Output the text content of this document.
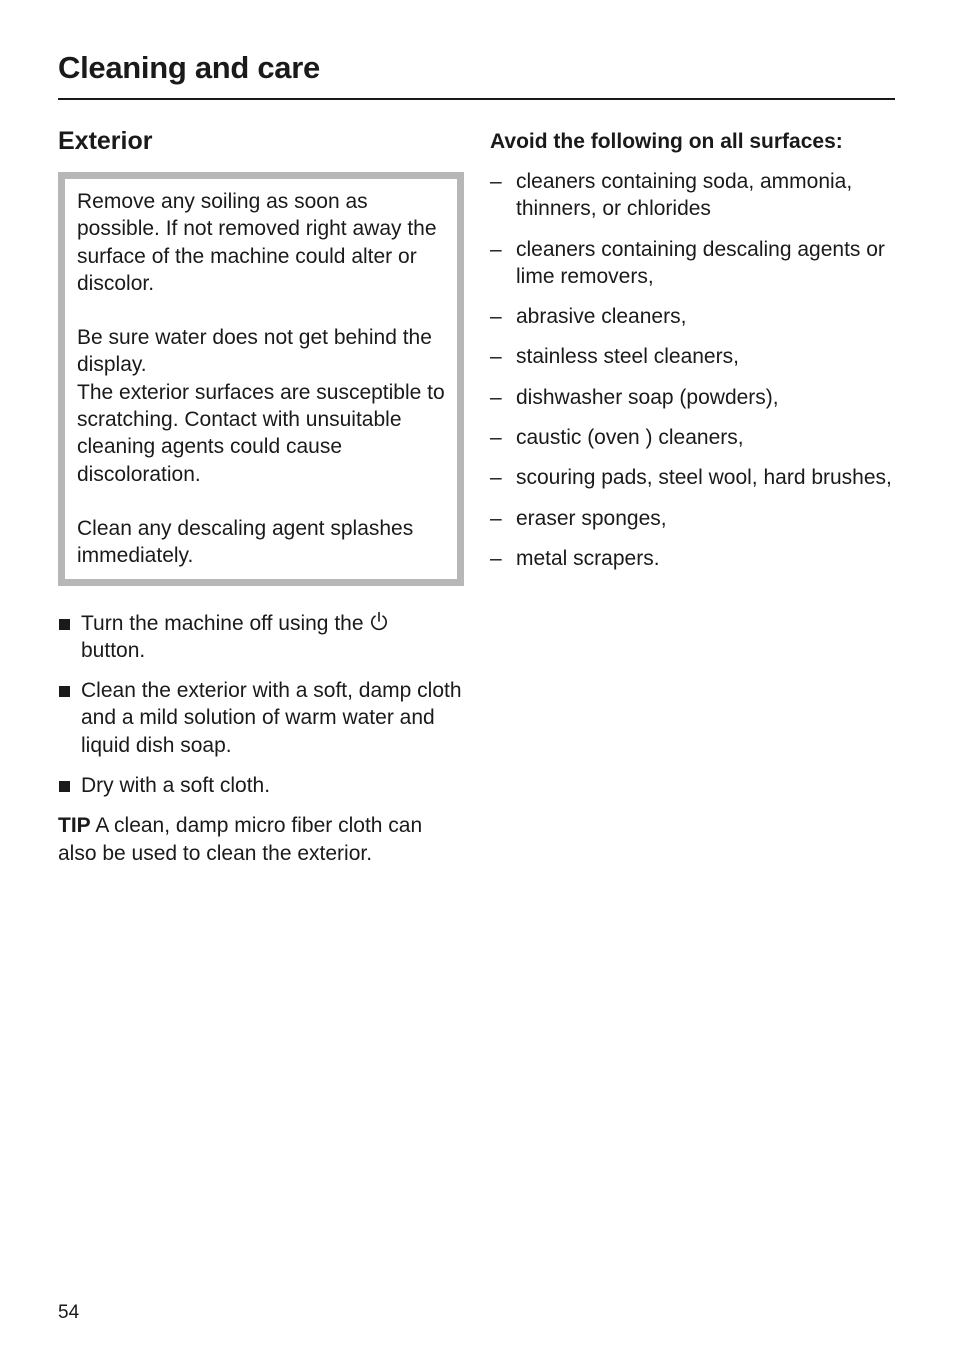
Cleaning and care
Exterior

Remove any soiling as soon as possible. If not removed right away the surface of the machine could alter or discolor.

Be sure water does not get behind the display.

The exterior surfaces are susceptible to scratching. Contact with unsuitable cleaning agents could cause discoloration.

Clean any descaling agent splashes immediately.

Turn the machine off using the
button.
Clean the exterior with a soft, damp cloth and a mild solution of warm water and liquid dish soap.
Dry with a soft cloth.

TIP A clean, damp micro fiber cloth can also be used to clean the exterior.

Avoid the following on all surfaces:

– cleaners containing soda, ammonia, thinners, or chlorides
– cleaners containing descaling agents or lime removers,
– abrasive cleaners,
– stainless steel cleaners,
– dishwasher soap (powders),
– caustic (oven ) cleaners,
– scouring pads, steel wool, hard brushes,
– eraser sponges,
– metal scrapers.
54
